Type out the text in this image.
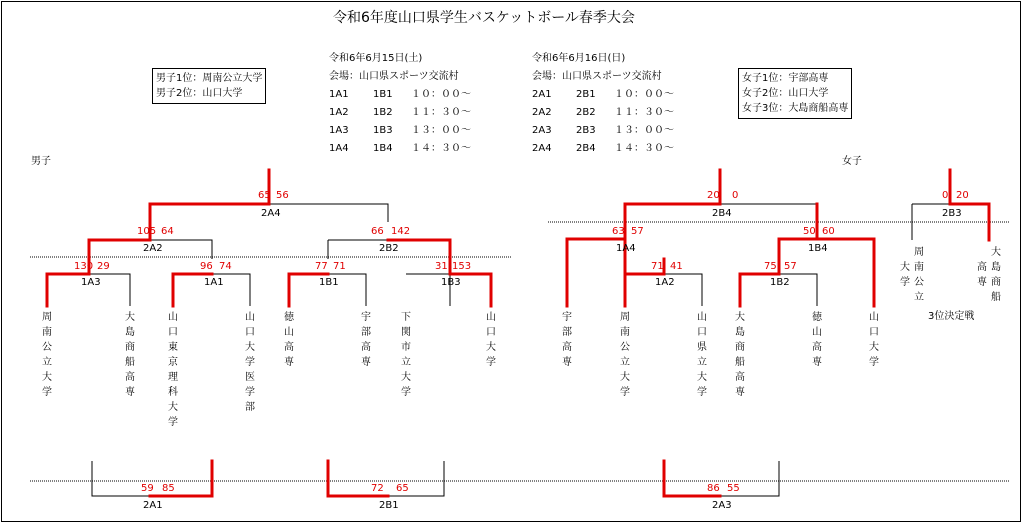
令和6年度山口県学生バスケットボール春季大会
男子1位：周南公立大学
男子2位：山口大学
女子1位：宇部高専
女子2位：山口大学
女子3位：大島商船高専
令和6年6月15日(土)
会場：山口県スポーツ交流村
1A1 1B1 １０：００～
1A2 1B2 １１：３０～
1A3 1B3 １３：００～
1A4 1B4 １４：３０～
令和6年6月16日(日)
会場：山口県スポーツ交流村
2A1 2B1 １０：００～
2A2 2B2 １１：３０～
2A3 2B3 １３：００～
2A4 2B4 １４：３０～
男子	女子
3位決定戦
2A4
65 56
2A2
105 64
2B2
66 142
1A3
130 29
1A1
96 74
1B1
77 71
1B3
31 153
2A1
59 85
2B1
72 65
2B4
20 0
1A4
63 57
1B4
50 60
1A2
71 41
1B2
75 57
2A3
86 55
2B3
0 20
周南公立大学
大島商船高専
山口東京理科大学
山口大学医学部
徳山高専
宇部高専
下関市立大学
山口大学
宇部高専
周南公立大学
山口県立大学
大島商船高専
徳山高専
山口大学
周南公立
大学
大島商船
高専
